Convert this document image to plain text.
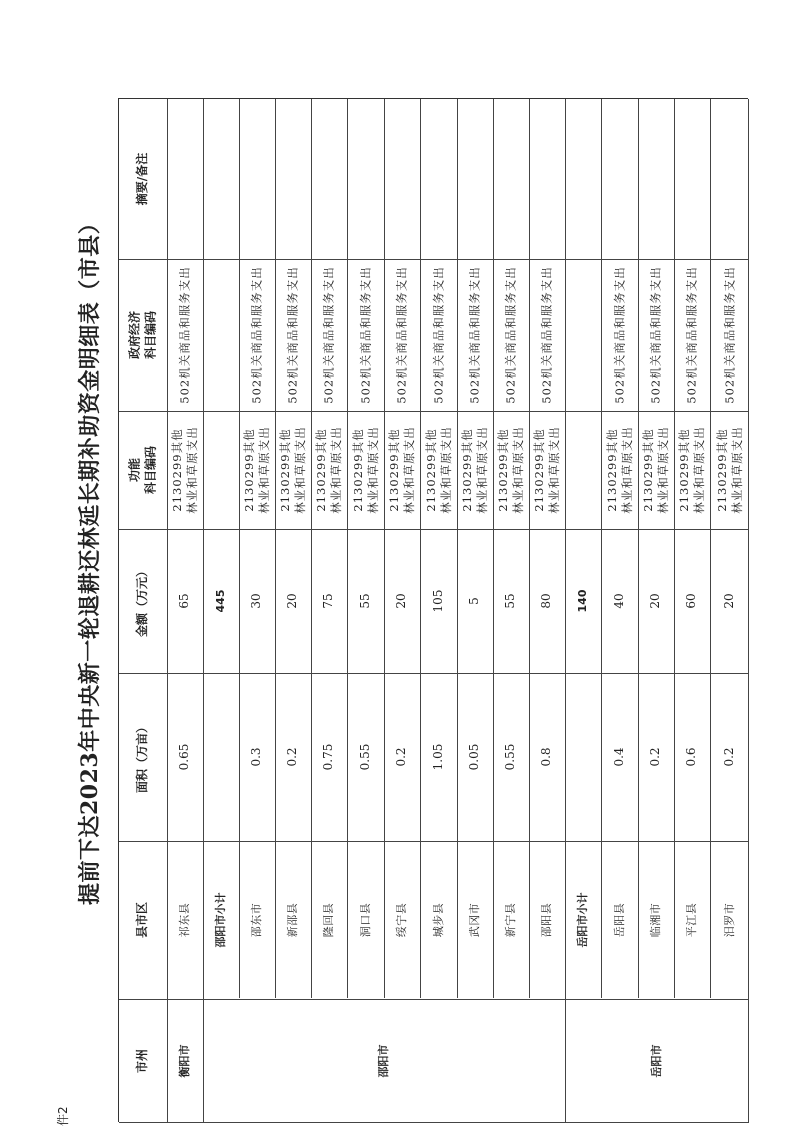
件2
提前下达2023年中央新一轮退耕还林延长期补助资金明细表（市县）
摘要/备注
政府经济 科目编码
功能 科目编码
金额（万元）
面积（万亩）
县市区
市州
祁东县
0.65
65
2130299其他 林业和草原支出
502机关商品和服务支出
衡阳市
邵阳市小计
445
邵东市
0.3
30
2130299其他 林业和草原支出
502机关商品和服务支出
新邵县
0.2
20
2130299其他 林业和草原支出
502机关商品和服务支出
隆回县
0.75
75
2130299其他 林业和草原支出
502机关商品和服务支出
洞口县
0.55
55
2130299其他 林业和草原支出
502机关商品和服务支出
绥宁县
0.2
20
2130299其他 林业和草原支出
502机关商品和服务支出
城步县
1.05
105
2130299其他 林业和草原支出
502机关商品和服务支出
武冈市
0.05
5
2130299其他 林业和草原支出
502机关商品和服务支出
新宁县
0.55
55
2130299其他 林业和草原支出
502机关商品和服务支出
邵阳县
0.8
80
2130299其他 林业和草原支出
502机关商品和服务支出
岳阳市小计
140
岳阳县
0.4
40
2130299其他 林业和草原支出
502机关商品和服务支出
临湘市
0.2
20
2130299其他 林业和草原支出
502机关商品和服务支出
平江县
0.6
60
2130299其他 林业和草原支出
502机关商品和服务支出
汨罗市
0.2
20
2130299其他 林业和草原支出
502机关商品和服务支出
邵阳市	岳阳市
